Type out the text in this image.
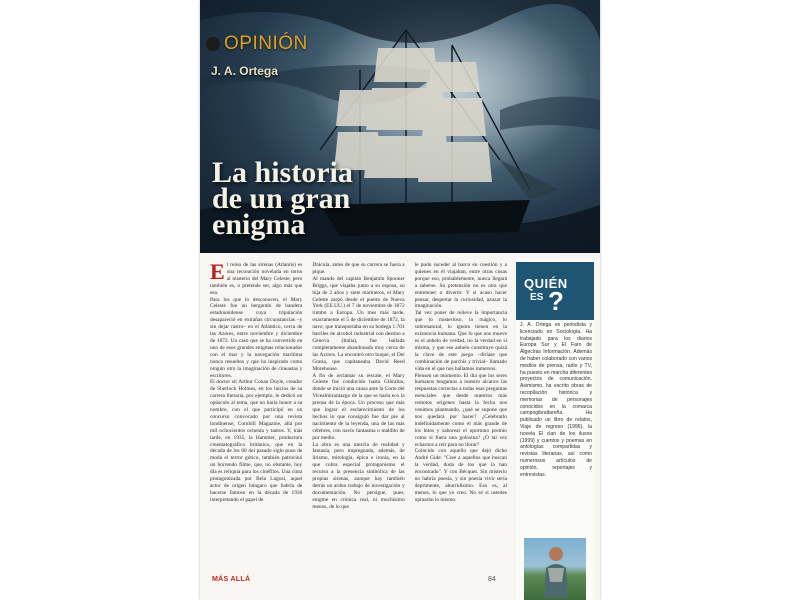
OPINIÓN
J. A. Ortega
La historia
de un gran
enigma
E l reino de las sirenas (Atlantis) es una recreación novelada en torno al misterio del Mary Celeste, pero también es, o pretende ser, algo más que eso.

Para los que lo desconocen, el Mary Celeste fue un bergantín de bandera estadounidense cuya tripulación desapareció en extrañas circunstancias –y sin dejar rastro– en el Atlántico, cerca de las Azores, entre noviembre y diciembre de 1872. Un caso que se ha convertido en uno de esos grandes enigmas relacionados con el mar y la navegación marítima nunca resueltos y que ha inspirado como ningún otro la imaginación de cineastas y escritores.

El doctor sir Arthur Conan Doyle, creador de Sherlock Holmes, en los inicios de su carrera literaria, por ejemplo, le dedicó un opúsculo al tema, que no haría honor a su nombre, con el que participó en un concurso convocado por una revista londinense, Cornhill Magazine, allá por mil ochocientos ochenta y tantos. Y, más tarde, en 1935, la Hammer, productora cinematográfica británica, que en la década de los 60 del pasado siglo puso de moda el terror gótico, también patrocinó un horrendo filme, que, no obstante, hoy día es reliquia para los cinéfilos. Una cinta protagonizada por Bela Lugosi, aquel actor de origen húngaro que habría de hacerse famoso en la década de 1930 interpretando el papel de

Drácula, antes de que su carrera se fuera a pique.

Al mando del capitán Benjamin Spooner Briggs, que viajaba junto a su esposa, su hija de 2 años y siete marineros, el Mary Celeste zarpó desde el puerto de Nueva York (EE.UU.) el 7 de noviembre de 1872 rumbo a Europa. Un mes más tarde, exactamente el 5 de diciembre de 1872, la nave, que transportaba en su bodega 1.701 barriles de alcohol industrial con destino a Génova (Italia), fue hallada completamente abandonada muy cerca de las Azores. La encontró otro buque, el Dei Gratia, que capitaneaba David Reed Morehouse.

A fin de reclamar su rescate, el Mary Celeste fue conducido hasta Gibraltar, donde se inició una causa ante la Corte del Vicealmirantazgo de la que se haría eco la prensa de la época. Un proceso que más que lograr el esclarecimiento de los hechos lo que consiguió fue dar pie al nacimiento de la leyenda, una de las más célebres, con navío fantasma o maldito de por medio.

La obra es una mezcla de realidad y fantasía, pero impregnada, además, de lirismo, mitología, épica e ironía, en la que cobra especial protagonismo el recurso a la presencia simbólica de las propias sirenas, aunque hay también detrás un arduo trabajo de investigación y documentación. No persigue, pues, enigme en crónica real, ni muchísimo menos, de lo que

le pudo suceder al barco en cuestión y a quienes en él viajaban, entre otras cosas porque eso, probablemente, nunca llegará a saberse. Su pretensión no es otra que entretener o divertir. Y si acaso hacer pensar, despertar la curiosidad, azuzar la imaginación.

Tal vez poner de relieve la importancia que lo misterioso, lo mágico, lo sobrenatural, lo ignoto tienen en la existencia humana. Que lo que nos mueve es el anhelo de verdad, no la verdad en sí misma, y que ese anhelo constituye quizá la clave de este juego –diríase que combinación de parchís y trivial– llamado vida en el que nos hallamos inmersos.

Piensen un momento. El día que los seres humanos tengamos a nuestro alcance las respuestas correctas a todas esas preguntas esenciales que desde nuestros más remotos orígenes hasta la fecha nos venimos planteando, ¿qué se supone que nos quedará por hacer? ¿Celebrarlo indefinidamente como el más grande de los hitos y saborear el oportuno premio como si fuera una golosina? ¿O tal vez echarnos a reír para no llorar?

Coincido con aquello que dejó dicho André Gide: "Cree a aquellos que buscan la verdad, duda de los que la han encontrado". Y con Bécquer. Sin misterio no habría poesía, y sin poesía vivir sería deprimente, aburridísimo. Eso es, al menos, lo que yo creo. No sé si ustedes opinarán lo mismo.

QUIÉN
ES ?
J. A. Ortega es periodista y licenciado en Sociología. Ha trabajado para los diarios Europa Sur y El Faro de Algeciras Información. Además de haber colaborado con varios medios de prensa, radio y TV, ha puesto en marcha diferentes proyectos de comunicación. Asimismo, ha escrito obras de recopilación histórica y memorias de personajes conocidos en la comarca campogibraltareña. Ha publicado un libro de relatos, Viaje de regreso (1996), la novela El clan de los ilusos (1999) y cuentos y poemas en antologías compartidas y revistas literarias, así como numerosos artículos de opinión, reportajes y entrevistas.
MÁS ALLÁ	84
